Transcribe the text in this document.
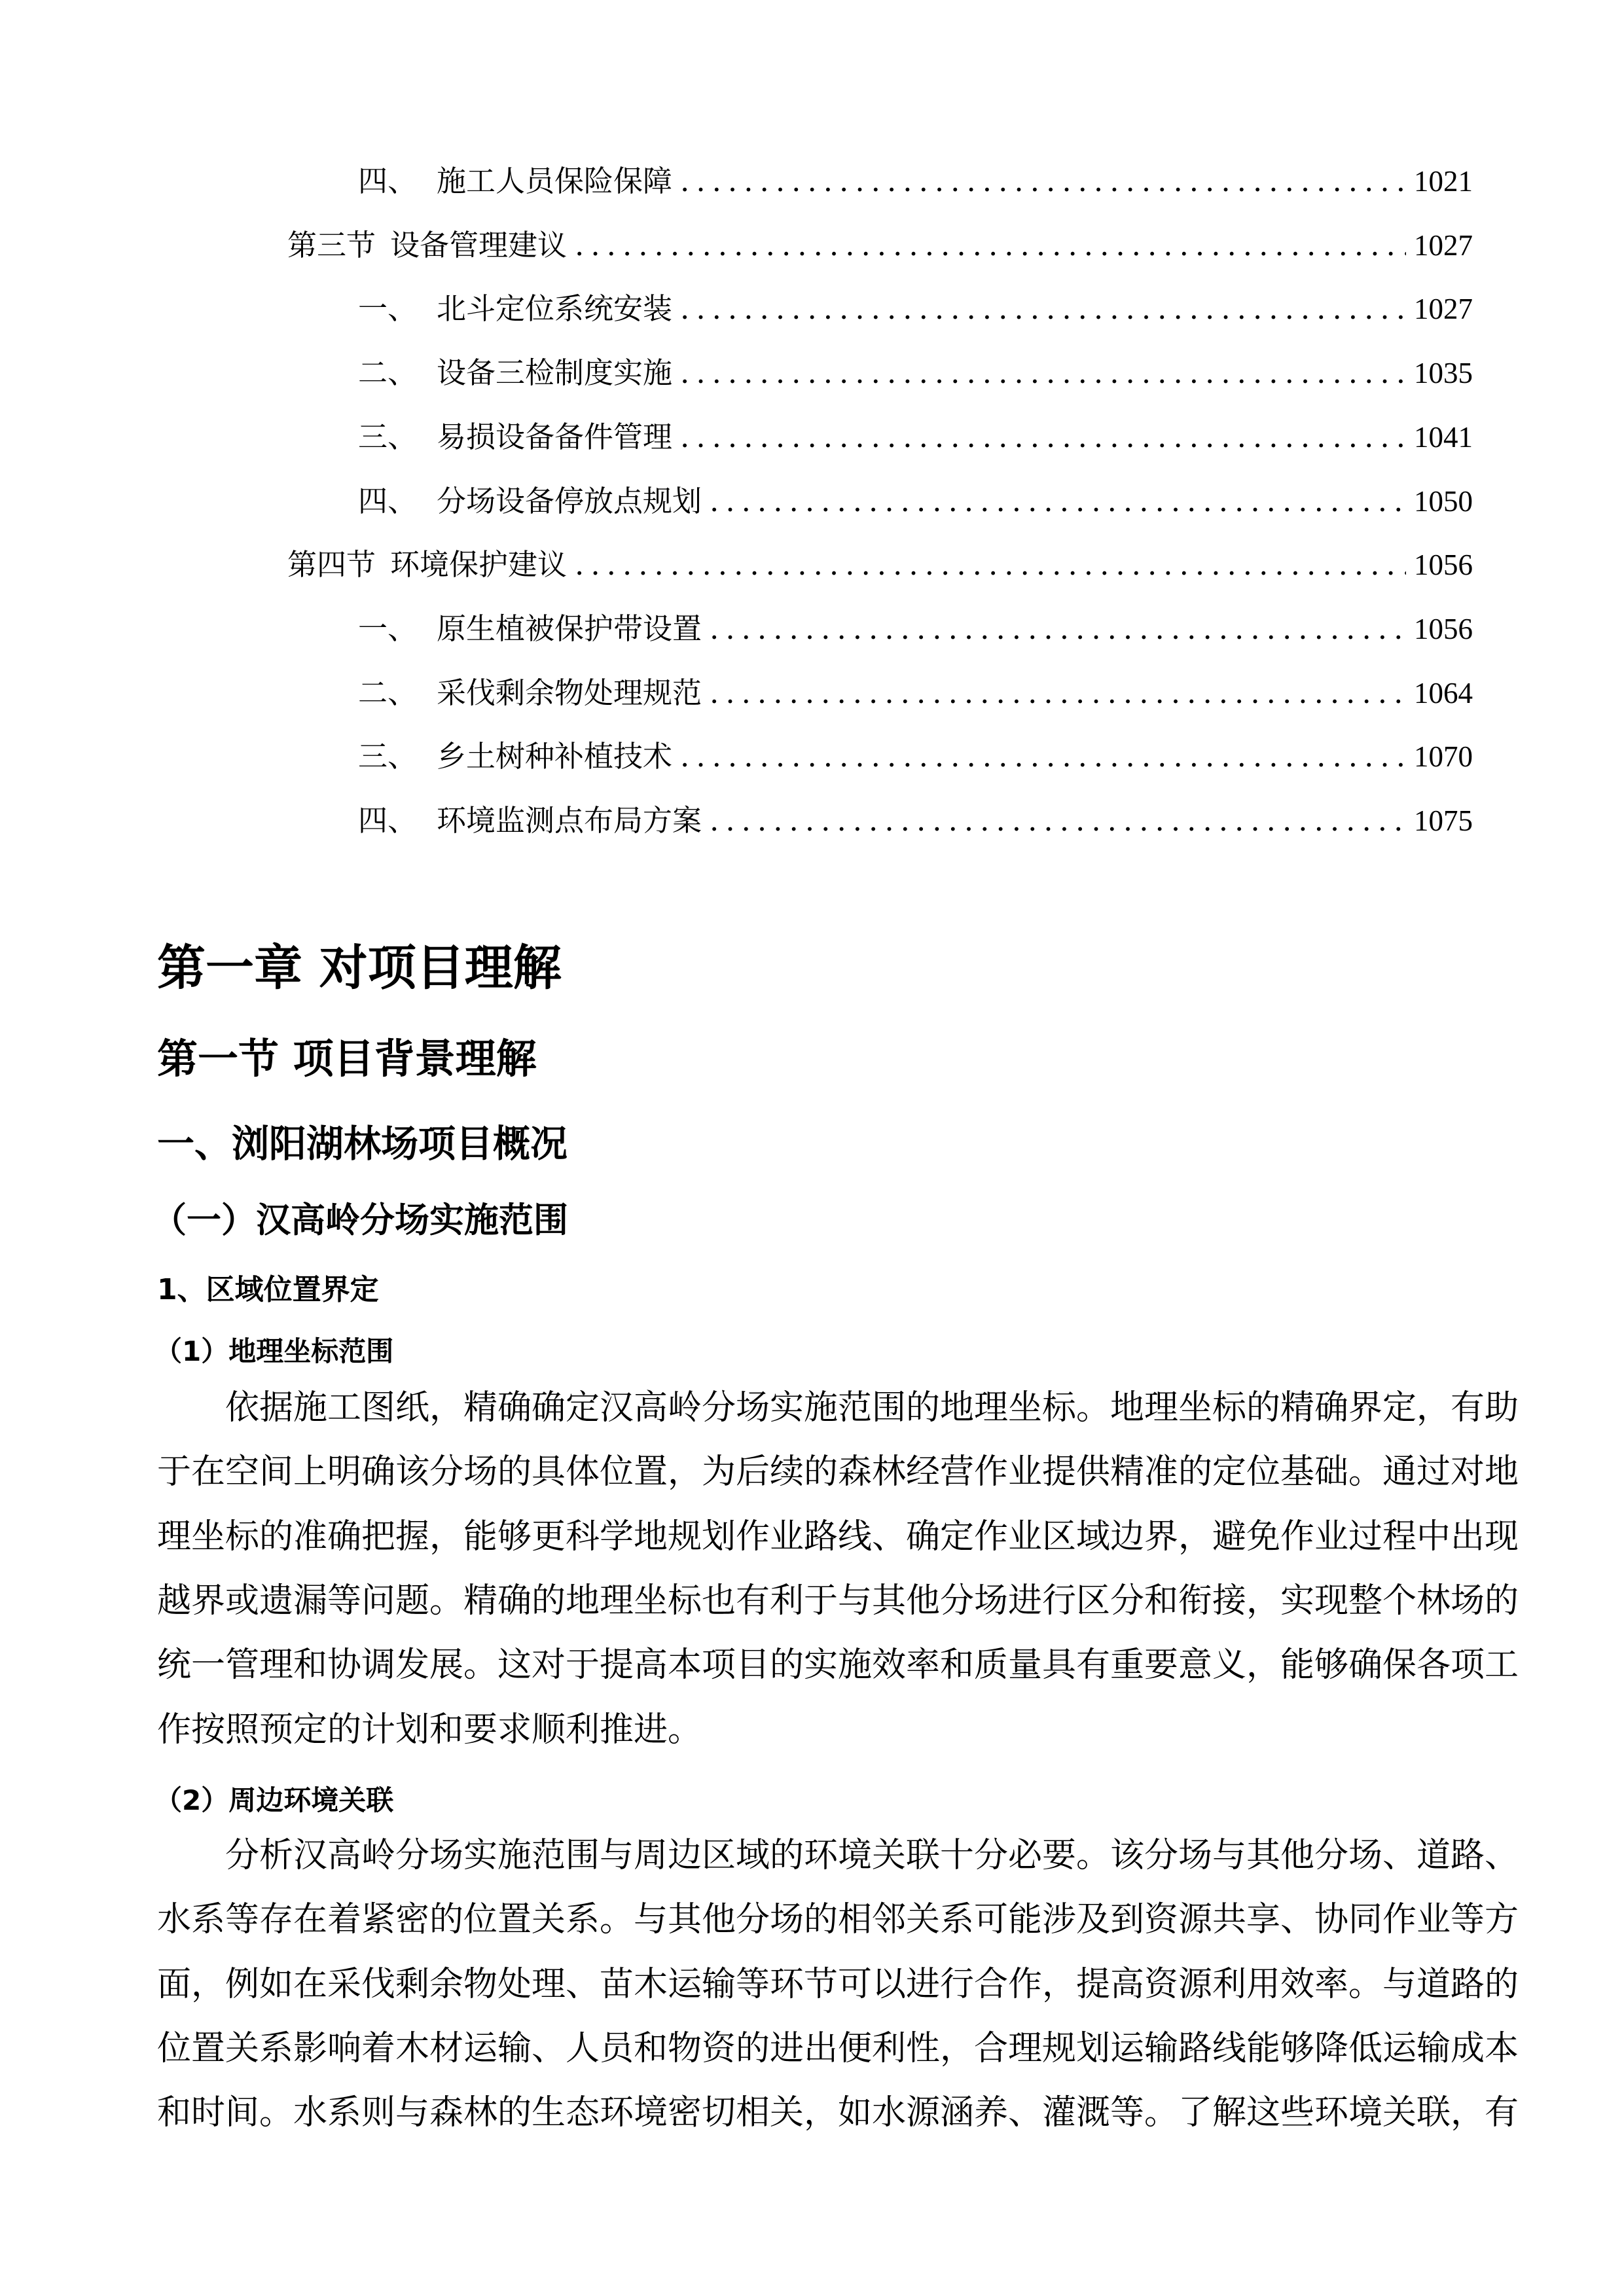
四、 施工人员保险保障 .....	1021
第三节 设备管理建议 .....	1027
一、 北斗定位系统安装 .....	1027
二、 设备三检制度实施 .....	1035
三、 易损设备备件管理 .....	1041
四、 分场设备停放点规划 .....	1050
第四节 环境保护建议 .....	1056
一、 原生植被保护带设置 .....	1056
二、 采伐剩余物处理规范 .....	1064
三、 乡土树种补植技术 .....	1070
四、 环境监测点布局方案 .....	1075
第一章 对项目理解
第一节 项目背景理解
一、浏阳湖林场项目概况
（一）汉高岭分场实施范围
1、区域位置界定
（1）地理坐标范围
依据施工图纸，精确确定汉高岭分场实施范围的地理坐标。地理坐标的精确界定，有助
于在空间上明确该分场的具体位置，为后续的森林经营作业提供精准的定位基础。通过对地
理坐标的准确把握，能够更科学地规划作业路线、确定作业区域边界，避免作业过程中出现
越界或遗漏等问题。精确的地理坐标也有利于与其他分场进行区分和衔接，实现整个林场的
统一管理和协调发展。这对于提高本项目的实施效率和质量具有重要意义，能够确保各项工
作按照预定的计划和要求顺利推进。
（2）周边环境关联
分析汉高岭分场实施范围与周边区域的环境关联十分必要。该分场与其他分场、道路、
水系等存在着紧密的位置关系。与其他分场的相邻关系可能涉及到资源共享、协同作业等方
面，例如在采伐剩余物处理、苗木运输等环节可以进行合作，提高资源利用效率。与道路的
位置关系影响着木材运输、人员和物资的进出便利性，合理规划运输路线能够降低运输成本
和时间。水系则与森林的生态环境密切相关，如水源涵养、灌溉等。了解这些环境关联，有
